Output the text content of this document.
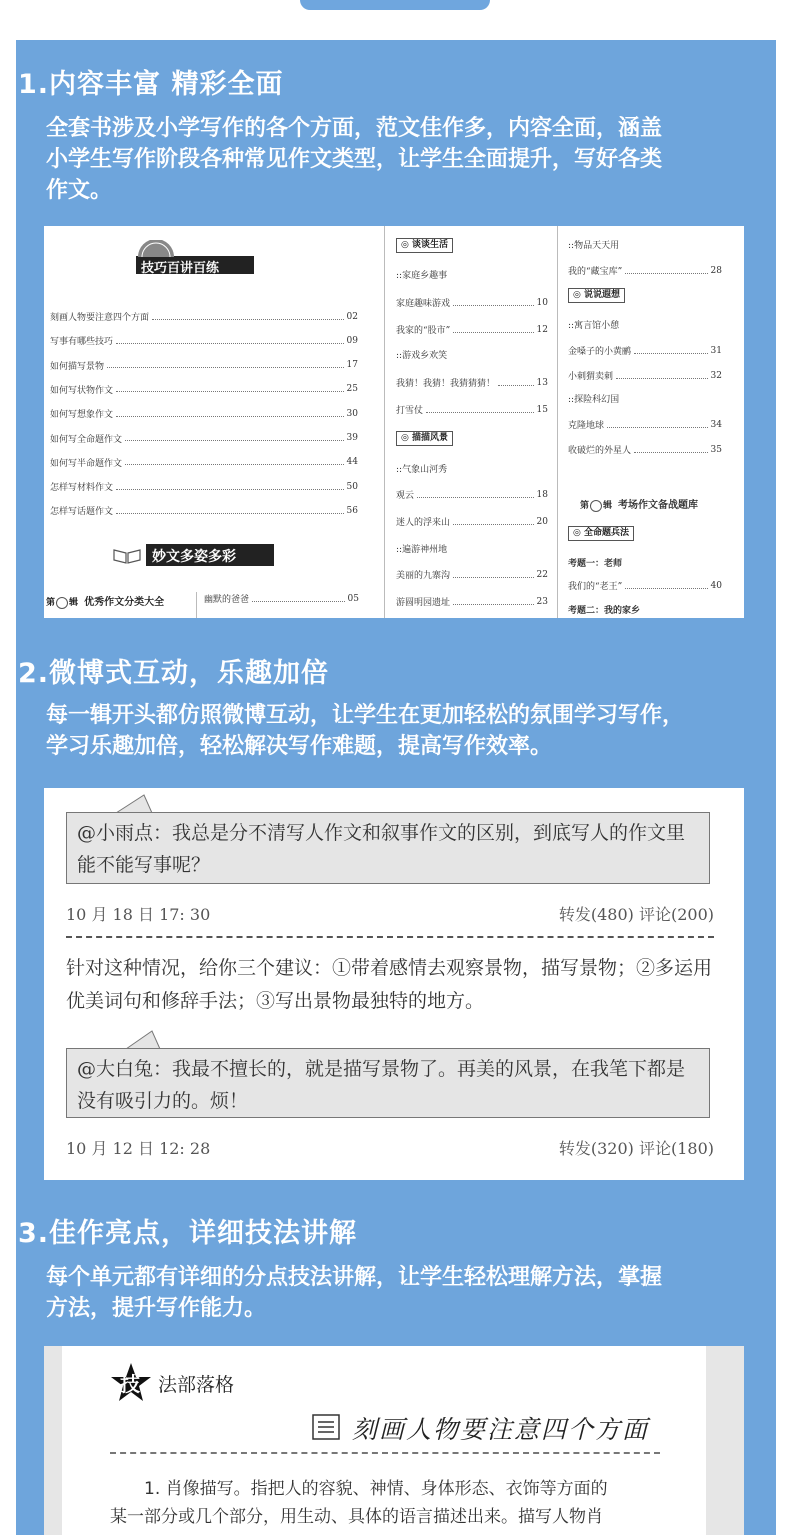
1.内容丰富 精彩全面
全套书涉及小学写作的各个方面，范文佳作多，内容全面，涵盖
小学生写作阶段各种常见作文类型，让学生全面提升，写好各类
作文。
技巧百讲百练
刻画人物要注意四个方面	02
写事有哪些技巧	09
如何描写景物	17
如何写状物作文	25
如何写想象作文	30
如何写全命题作文	39
如何写半命题作文	44
怎样写材料作文	50
怎样写话题作文	56
妙文多姿多彩
第 辑 优秀作文分类大全	幽默的爸爸	05
◎ 谈谈生活
::家庭乡趣事
家庭趣味游戏	10
我家的“股市”	12
::游戏乡欢笑
我猜！我猜！我猜猜猜！	13
打雪仗	15
◎ 描描风景
::气象山河秀
观云	18
迷人的浮来山	20
::遍游神州地
美丽的九寨沟	22
游圆明园遗址	23
::物品天天用
我的“藏宝库”	28
◎ 说说遐想
::寓言馆小憩
金嗓子的小黄鹂	31
小刺猬卖刺	32
::探险科幻国
克隆地球	34
收破烂的外星人	35
第 辑 考场作文备战题库
◎ 全命题兵法
考题一：老师
我们的“老王”	40
考题二：我的家乡
2.微博式互动，乐趣加倍
每一辑开头都仿照微博互动，让学生在更加轻松的氛围学习写作，
学习乐趣加倍，轻松解决写作难题，提高写作效率。
@小雨点：我总是分不清写人作文和叙事作文的区别，到底写人的作文里能不能写事呢？
10 月 18 日 17: 30	转发(480) 评论(200)
针对这种情况，给你三个建议：①带着感情去观察景物，描写景物；②多运用优美词句和修辞手法；③写出景物最独特的地方。
@大白兔：我最不擅长的，就是描写景物了。再美的风景，在我笔下都是没有吸引力的。烦！
10 月 12 日 12: 28	转发(320) 评论(180)
3.佳作亮点，详细技法讲解
每个单元都有详细的分点技法讲解，让学生轻松理解方法，掌握
方法，提升写作能力。
技 法部落格
刻画人物要注意四个方面
1. 肖像描写。指把人的容貌、神情、身体形态、衣饰等方面的
某一部分或几个部分，用生动、具体的语言描述出来。描写人物肖
